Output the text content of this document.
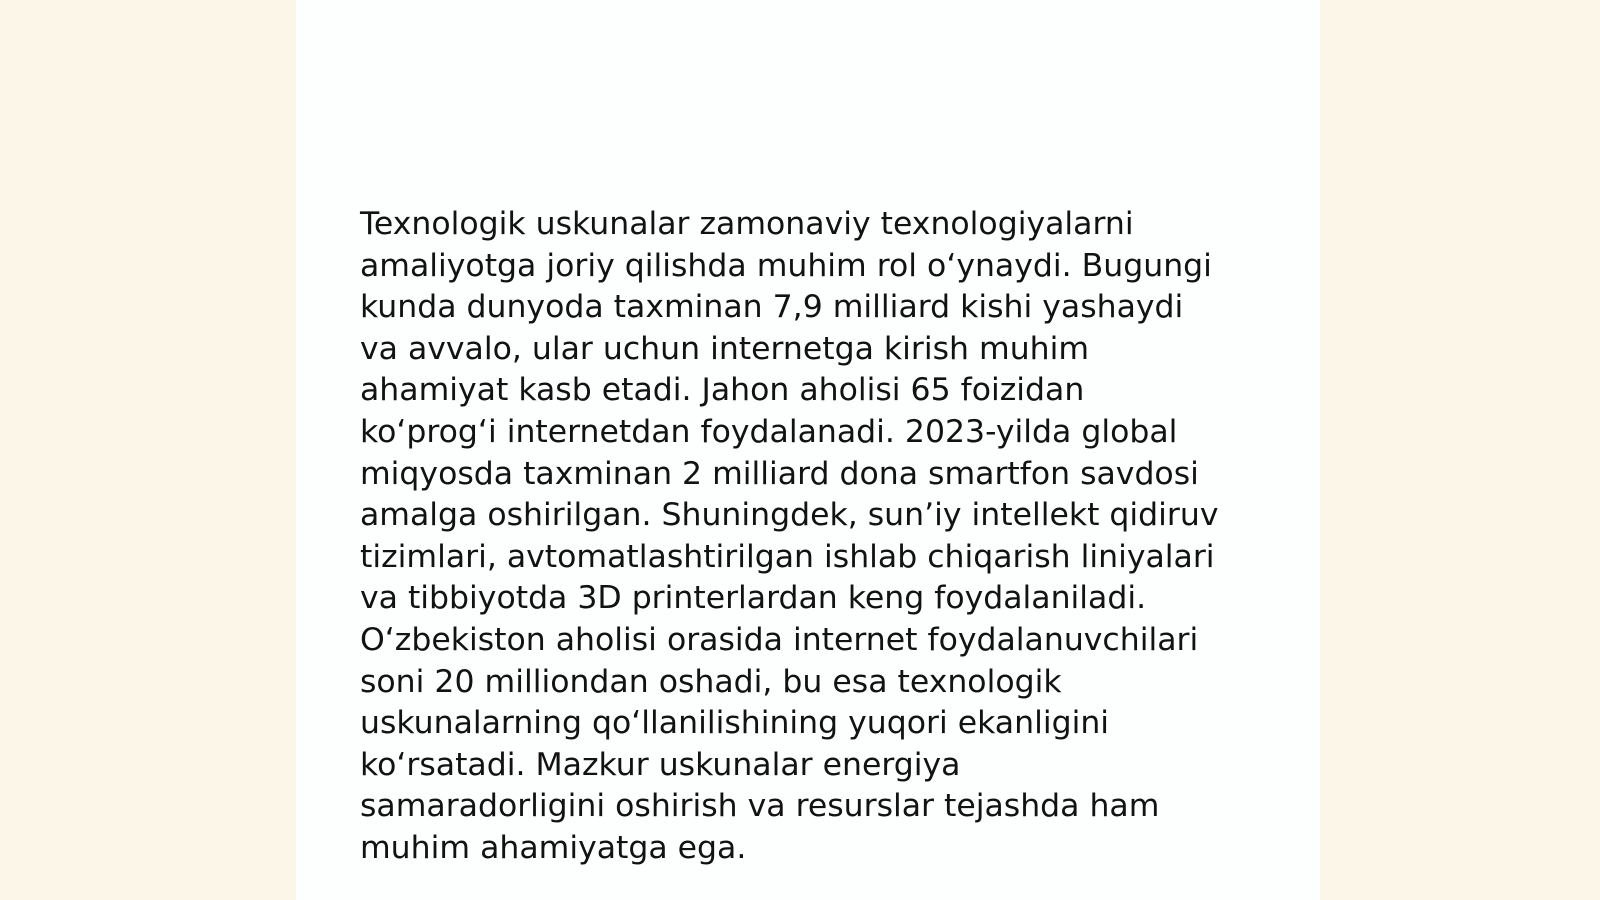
Texnologik uskunalar zamonaviy texnologiyalarni
amaliyotga joriy qilishda muhim rol oʻynaydi. Bugungi
kunda dunyoda taxminan 7,9 milliard kishi yashaydi
va avvalo, ular uchun internetga kirish muhim
ahamiyat kasb etadi. Jahon aholisi 65 foizidan
koʻprogʻi internetdan foydalanadi. 2023-yilda global
miqyosda taxminan 2 milliard dona smartfon savdosi
amalga oshirilgan. Shuningdek, sunʼiy intellekt qidiruv
tizimlari, avtomatlashtirilgan ishlab chiqarish liniyalari
va tibbiyotda 3D printerlardan keng foydalaniladi.
Oʻzbekiston aholisi orasida internet foydalanuvchilari
soni 20 milliondan oshadi, bu esa texnologik
uskunalarning qoʻllanilishining yuqori ekanligini
koʻrsatadi. Mazkur uskunalar energiya
samaradorligini oshirish va resurslar tejashda ham
muhim ahamiyatga ega.
